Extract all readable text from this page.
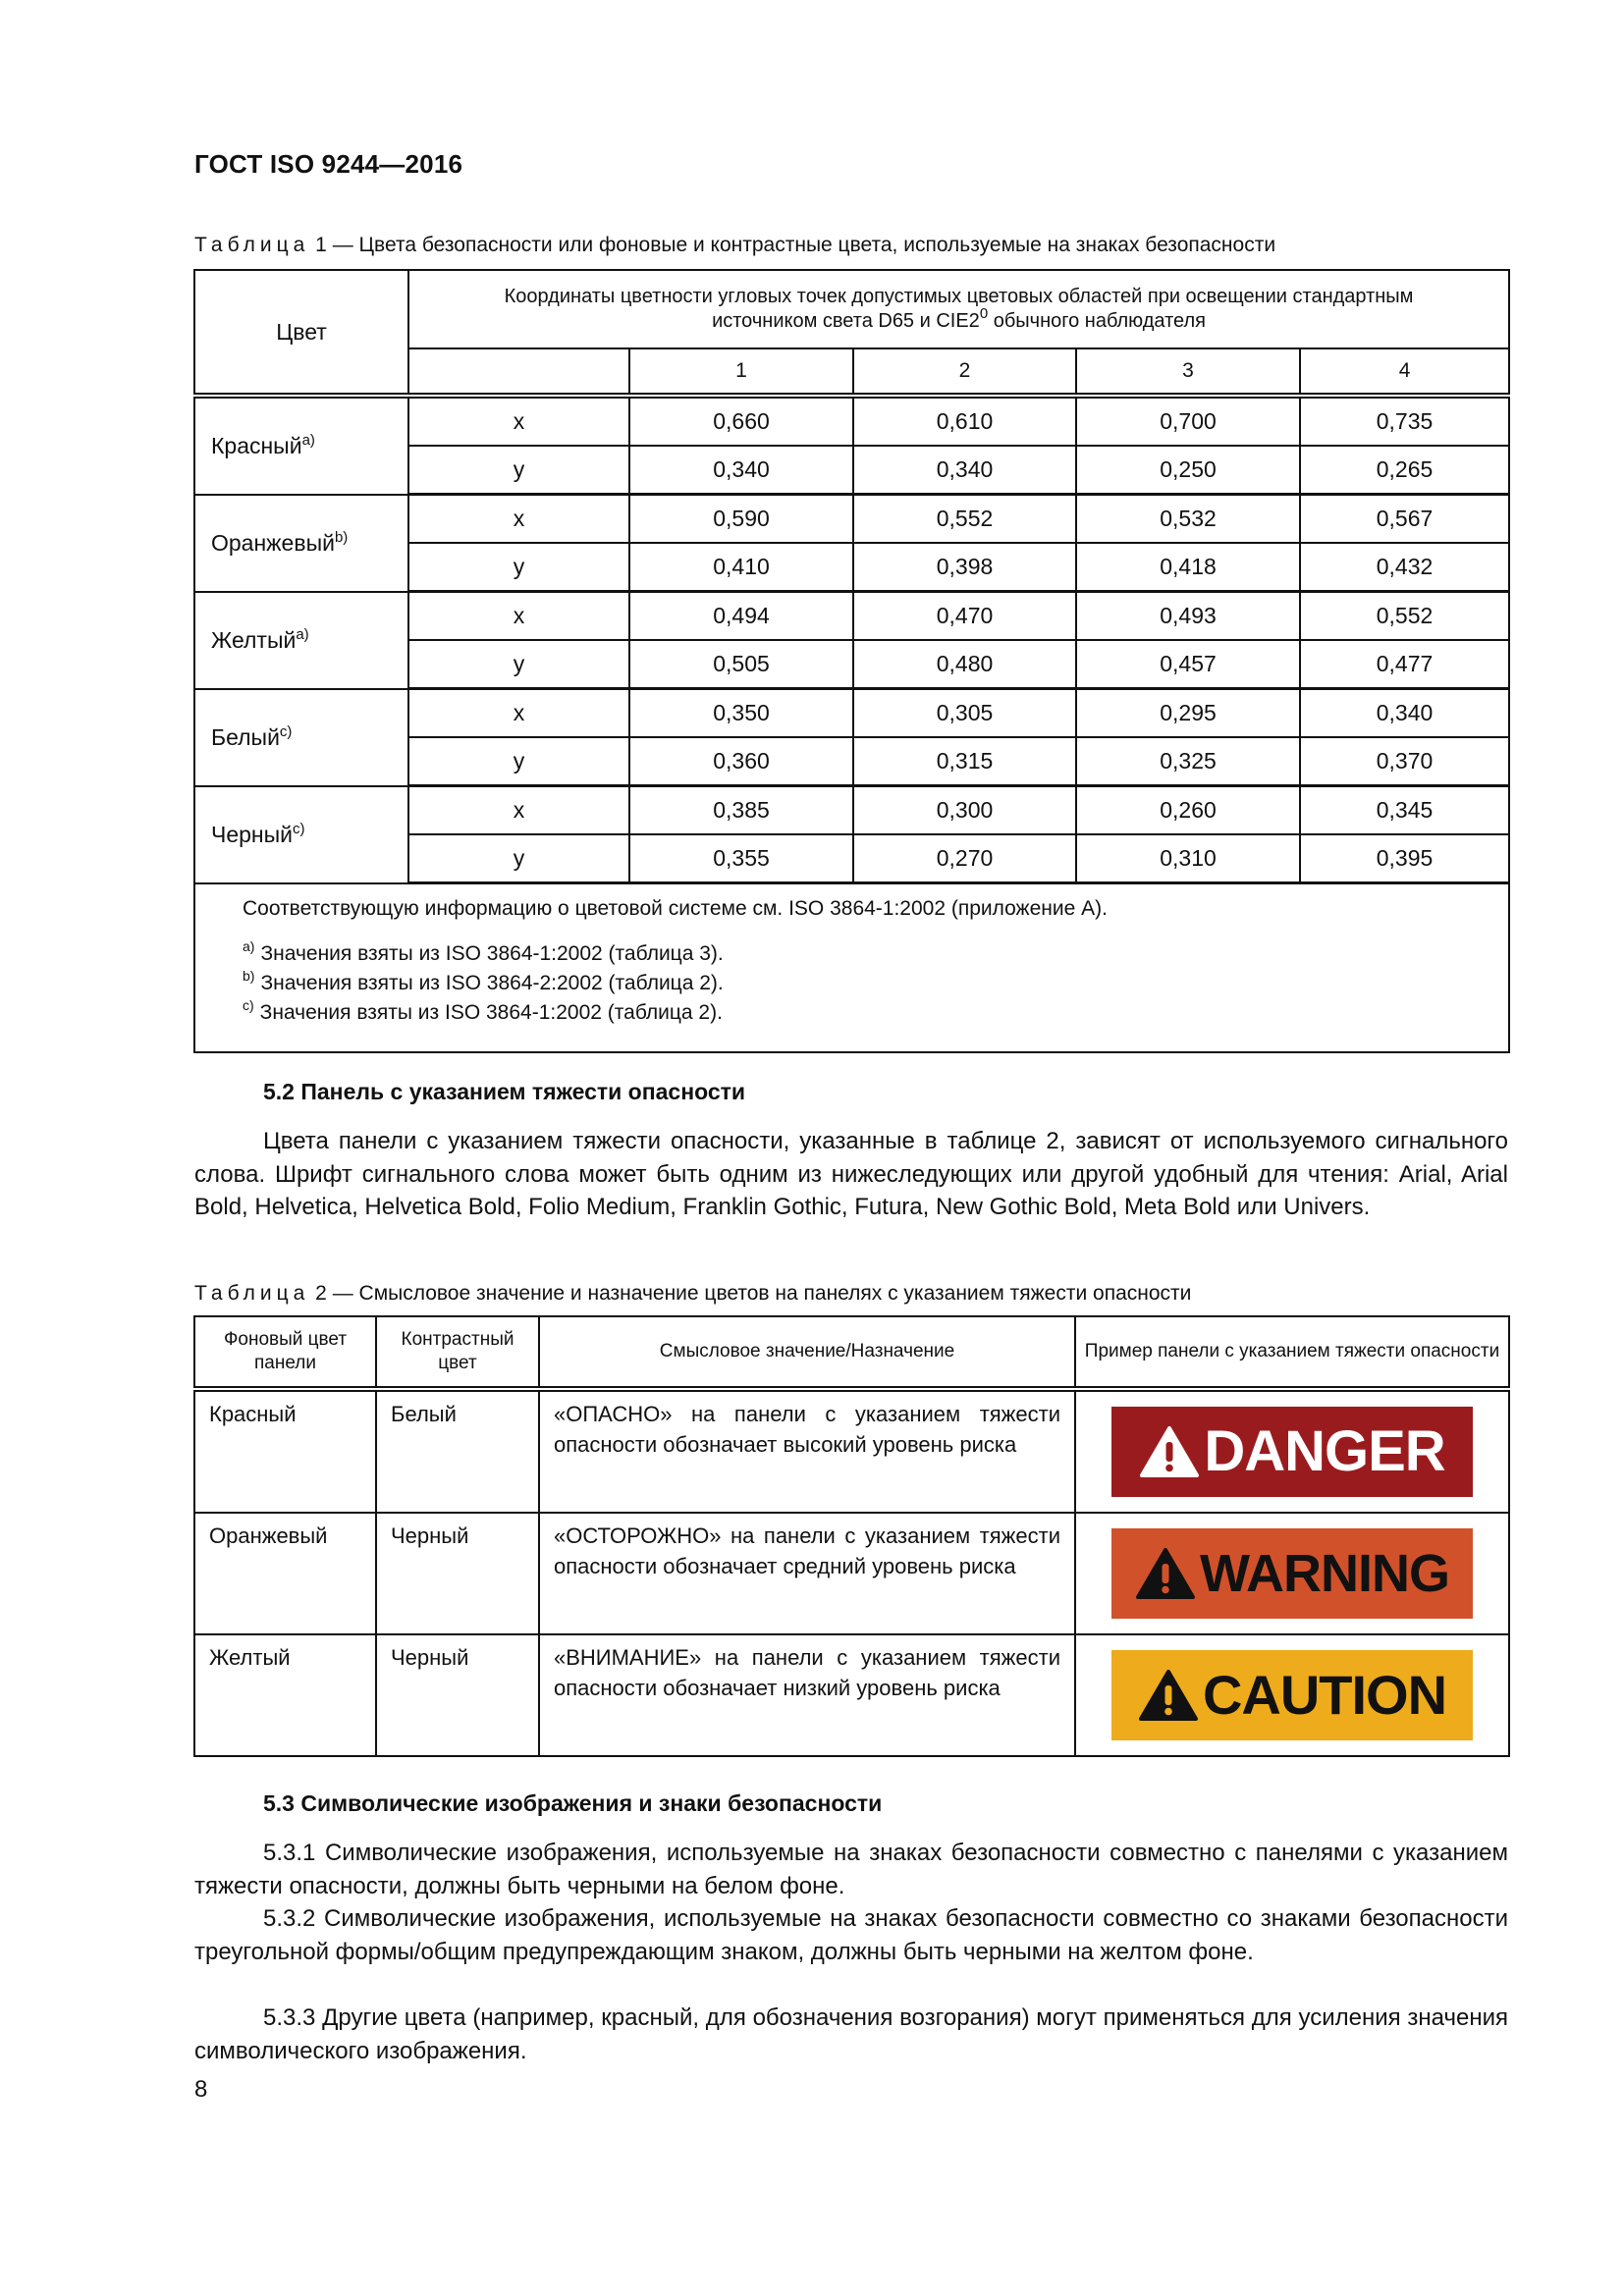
ГОСТ ISO 9244—2016
Таблица 1 — Цвета безопасности или фоновые и контрастные цвета, используемые на знаках безопасности
Цвет	Координаты цветности угловых точек допустимых цветовых областей при освещении стандартным
источником света D65 и $CIE2^0$ обычного наблюдателя				
		1	2	3	4
Красный$^{a)}$	x	0,660	0,610	0,700	0,735
	y	0,340	0,340	0,250	0,265
Оранжевый$^{b)}$	x	0,590	0,552	0,532	0,567
	y	0,410	0,398	0,418	0,432
Желтый$^{a)}$	x	0,494	0,470	0,493	0,552
	y	0,505	0,480	0,457	0,477
Белый$^{c)}$	x	0,350	0,305	0,295	0,340
	y	0,360	0,315	0,325	0,370
Черный$^{c)}$	x	0,385	0,300	0,260	0,345
	y	0,355	0,270	0,310	0,395

Соответствующую информацию о цветовой системе см. ISO 3864-1:2002 (приложение А).
$^{a)}$ Значения взяты из ISO 3864-1:2002 (таблица 3).
$^{b)}$ Значения взяты из ISO 3864-2:2002 (таблица 2).
$^{c)}$ Значения взяты из ISO 3864-1:2002 (таблица 2).					
5.2 Панель с указанием тяжести опасности
Цвета панели с указанием тяжести опасности, указанные в таблице 2, зависят от используемого сигнального слова. Шрифт сигнального слова может быть одним из нижеследующих или другой удобный для чтения: Arial, Arial Bold, Helvetica, Helvetica Bold, Folio Medium, Franklin Gothic, Futura, New Gothic Bold, Meta Bold или Univers.
Таблица 2 — Смысловое значение и назначение цветов на панелях с указанием тяжести опасности
Фоновый цвет панели	Контрастный цвет	Смысловое значение/Назначение	Пример панели с указанием тяжести опасности
Красный	Белый	«ОПАСНО» на панели с указанием тяжести опасности обозначает высокий уровень риска	DANGER

Оранжевый	Черный	«ОСТОРОЖНО» на панели с указанием тяжести опасности обозначает средний уровень риска	WARNING

Желтый	Черный	«ВНИМАНИЕ» на панели с указанием тяжести опасности обозначает низкий уровень риска	CAUTION
5.3 Символические изображения и знаки безопасности
5.3.1 Символические изображения, используемые на знаках безопасности совместно с панелями с указанием тяжести опасности, должны быть черными на белом фоне.
5.3.2 Символические изображения, используемые на знаках безопасности совместно со знаками безопасности треугольной формы/общим предупреждающим знаком, должны быть черными на желтом фоне.
5.3.3 Другие цвета (например, красный, для обозначения возгорания) могут применяться для усиления значения символического изображения.
8
